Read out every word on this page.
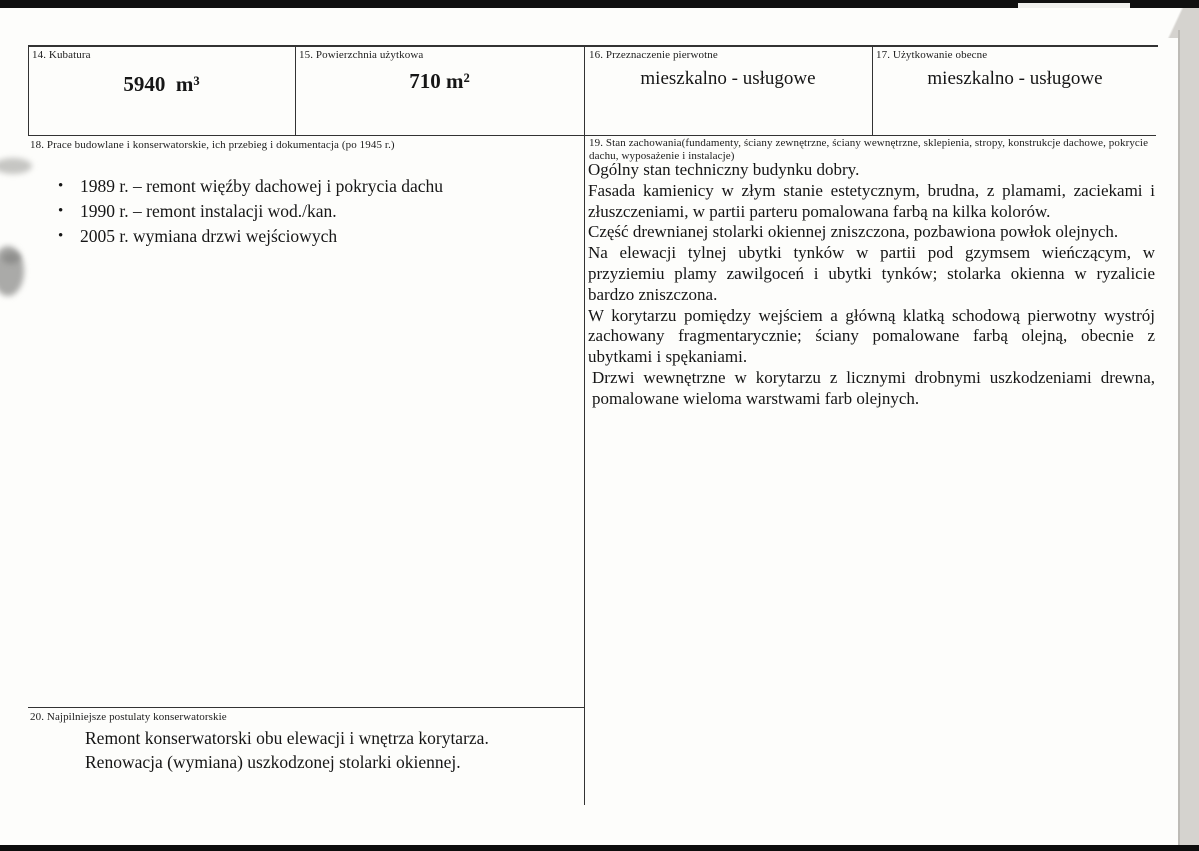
14. Kubatura
5940  m³
15. Powierzchnia użytkowa
710 m²
16. Przeznaczenie pierwotne
mieszkalno - usługowe
17. Użytkowanie obecne
mieszkalno - usługowe
18. Prace budowlane i konserwatorskie, ich przebieg i dokumentacja (po 1945 r.)
• 1989 r. – remont więźby dachowej i pokrycia dachu
• 1990 r. – remont instalacji wod./kan.
• 2005 r. wymiana drzwi wejściowych
19. Stan zachowania(fundamenty, ściany zewnętrzne, ściany wewnętrzne, sklepienia, stropy, konstrukcje dachowe, pokrycie dachu, wyposażenie i instalacje)

Ogólny stan techniczny budynku dobry.

Fasada kamienicy w złym stanie estetycznym, brudna, z plamami, zaciekami i złuszczeniami, w partii parteru pomalowana farbą na kilka kolorów.

Część drewnianej stolarki okiennej zniszczona, pozbawiona powłok olejnych.

Na elewacji tylnej ubytki tynków w partii pod gzymsem wieńczącym, w przyziemiu plamy zawilgoceń i ubytki tynków; stolarka okienna w ryzalicie bardzo zniszczona.

W korytarzu pomiędzy wejściem a główną klatką schodową pierwotny wystrój zachowany fragmentarycznie; ściany pomalowane farbą olejną, obecnie z ubytkami i spękaniami.

Drzwi wewnętrzne w korytarzu z licznymi drobnymi uszkodzeniami drewna, pomalowane wieloma warstwami farb olejnych.

20. Najpilniejsze postulaty konserwatorskie
Remont konserwatorski obu elewacji i wnętrza korytarza.
Renowacja (wymiana) uszkodzonej stolarki okiennej.
